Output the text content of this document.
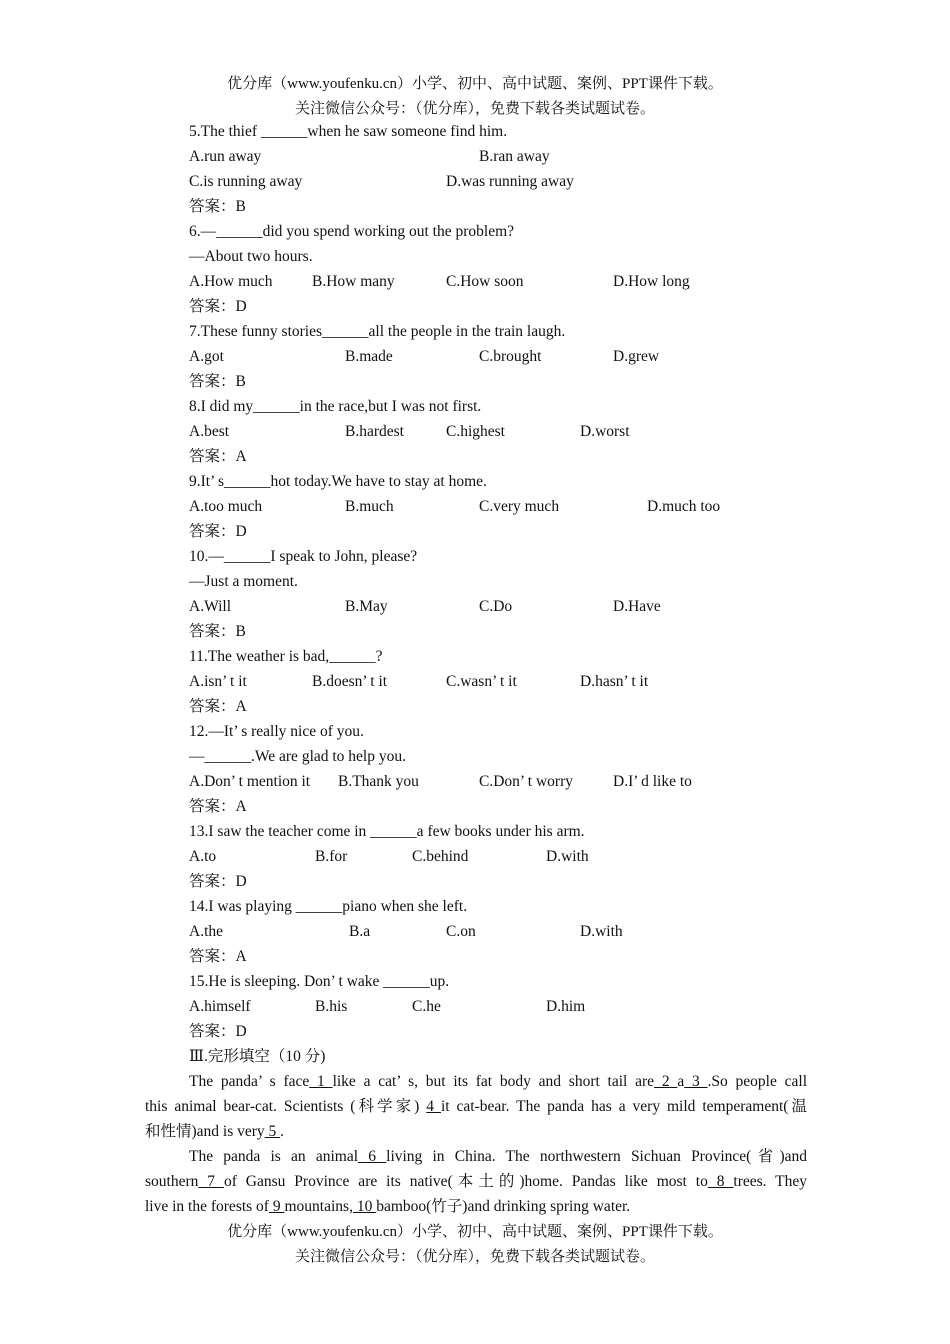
优分库（www.youfenku.cn）小学、初中、高中试题、案例、PPT课件下载。
关注微信公众号：（优分库），免费下载各类试题试卷。
5.The thief ______when he saw someone find him.
A.run away	B.ran away
C.is running away	D.was running away
答案：B
6.—______did you spend working out the problem?
—About two hours.
A.How much	B.How many	C.How soon	D.How long
答案：D
7.These funny stories______all the people in the train laugh.
A.got	B.made	C.brought	D.grew
答案：B
8.I did my______in the race,but I was not first.
A.best	B.hardest	C.highest	D.worst
答案：A
9.It’ s______hot today.We have to stay at home.
A.too much	B.much	C.very much	D.much too
答案：D
10.—______I speak to John, please?
—Just a moment.
A.Will	B.May	C.Do	D.Have
答案：B
11.The weather is bad,______?
A.isn’ t it	B.doesn’ t it	C.wasn’ t it	D.hasn’ t it
答案：A
12.—It’ s really nice of you.
—______.We are glad to help you.
A.Don’ t mention it B.Thank you	C.Don’ t worry	D.I’ d like to
答案：A
13.I saw the teacher come in ______a few books under his arm.
A.to	B.for	C.behind	D.with
答案：D
14.I was playing ______piano when she left.
A.the	B.a	C.on	D.with
答案：A
15.He is sleeping. Don’ t wake ______up.
A.himself	B.his	C.he	D.him
答案：D
Ⅲ.完形填空（10 分)
The panda’ s face 1 like a cat’ s, but its fat body and short tail are 2 a 3 .So people call
this animal bear-cat. Scientists (科学家) 4 it cat-bear. The panda has a very mild temperament(温
和性情)and is very 5 .
The panda is an animal 6 living in China. The northwestern Sichuan Province(省)and
southern 7 of Gansu Province are its native(本土的)home. Pandas like most to 8 trees. They
live in the forests of 9 mountains, 10 bamboo(竹子)and drinking spring water.
优分库（www.youfenku.cn）小学、初中、高中试题、案例、PPT课件下载。
关注微信公众号：（优分库），免费下载各类试题试卷。
